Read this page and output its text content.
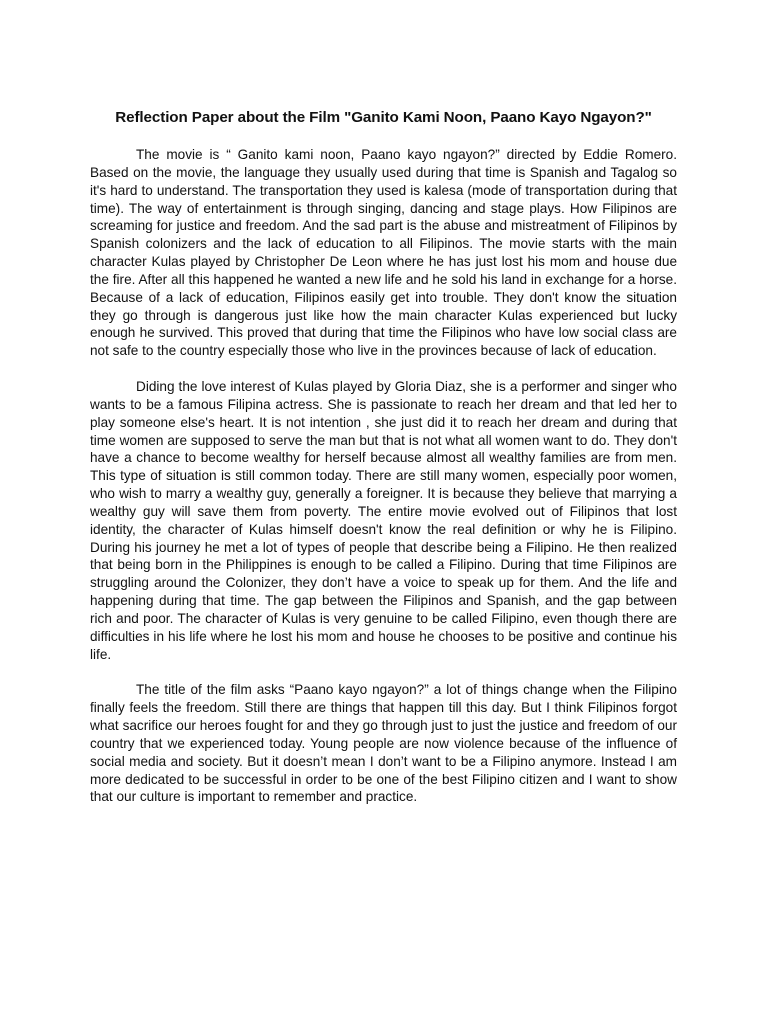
Reflection Paper about the Film "Ganito Kami Noon, Paano Kayo Ngayon?"

The movie is “ Ganito kami noon, Paano kayo ngayon?” directed by Eddie Romero. Based on the movie, the language they usually used during that time is Spanish and Tagalog so it's hard to understand. The transportation they used is kalesa (mode of transportation during that time). The way of entertainment is through singing, dancing and stage plays. How Filipinos are screaming for justice and freedom. And the sad part is the abuse and mistreatment of Filipinos by Spanish colonizers and the lack of education to all Filipinos. The movie starts with the main character Kulas played by Christopher De Leon where he has just lost his mom and house due the fire. After all this happened he wanted a new life and he sold his land in exchange for a horse. Because of a lack of education, Filipinos easily get into trouble. They don't know the situation they go through is dangerous just like how the main character Kulas experienced but lucky enough he survived. This proved that during that time the Filipinos who have low social class are not safe to the country especially those who live in the provinces because of lack of education.

Diding the love interest of Kulas played by Gloria Diaz, she is a performer and singer who wants to be a famous Filipina actress. She is passionate to reach her dream and that led her to play someone else's heart. It is not intention , she just did it to reach her dream and during that time women are supposed to serve the man but that is not what all women want to do. They don't have a chance to become wealthy for herself because almost all wealthy families are from men. This type of situation is still common today. There are still many women, especially poor women, who wish to marry a wealthy guy, generally a foreigner. It is because they believe that marrying a wealthy guy will save them from poverty. The entire movie evolved out of Filipinos that lost identity, the character of Kulas himself doesn't know the real definition or why he is Filipino. During his journey he met a lot of types of people that describe being a Filipino. He then realized that being born in the Philippines is enough to be called a Filipino. During that time Filipinos are struggling around the Colonizer, they don’t have a voice to speak up for them. And the life and happening during that time. The gap between the Filipinos and Spanish, and the gap between rich and poor. The character of Kulas is very genuine to be called Filipino, even though there are difficulties in his life where he lost his mom and house he chooses to be positive and continue his life.

The title of the film asks “Paano kayo ngayon?” a lot of things change when the Filipino finally feels the freedom. Still there are things that happen till this day. But I think Filipinos forgot what sacrifice our heroes fought for and they go through just to just the justice and freedom of our country that we experienced today. Young people are now violence because of the influence of social media and society. But it doesn’t mean I don’t want to be a Filipino anymore. Instead I am more dedicated to be successful in order to be one of the best Filipino citizen and I want to show that our culture is important to remember and practice.
